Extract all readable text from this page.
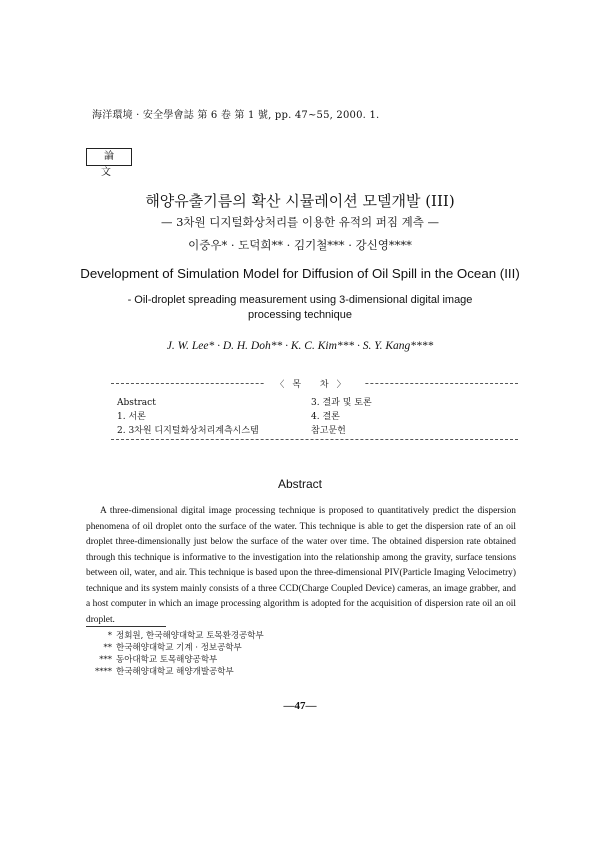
海洋環境 · 安全學會誌 第 6 卷 第 1 號, pp. 47~55, 2000. 1.
論 文
해양유출기름의 확산 시뮬레이션 모델개발 (III)
— 3차원 디지털화상처리를 이용한 유적의 퍼짐 계측 —
이중우* · 도덕희** · 김기철*** · 강신영****
Development of Simulation Model for Diffusion of Oil Spill in the Ocean (III)
- Oil-droplet spreading measurement using 3-dimensional digital image
processing technique
J. W. Lee* · D. H. Doh** · K. C. Kim*** · S. Y. Kang****
〈목 차〉
Abstract
1. 서론
2. 3차원 디지털화상처리계측시스템
3. 결과 및 토론
4. 결론
참고문헌
Abstract

A three-dimensional digital image processing technique is proposed to quantitatively predict the dispersion phenomena of oil droplet onto the surface of the water. This technique is able to get the dispersion rate of an oil droplet three-dimensionally just below the surface of the water over time. The obtained dispersion rate obtained through this technique is informative to the investigation into the relationship among the gravity, surface tensions between oil, water, and air. This technique is based upon the three-dimensional PIV(Particle Imaging Velocimetry) technique and its system mainly consists of a three CCD(Charge Coupled Device) cameras, an image grabber, and a host computer in which an image processing algorithm is adopted for the acquisition of dispersion rate oil an oil droplet.

* 정회원, 한국해양대학교 토목환경공학부
** 한국해양대학교 기계 · 정보공학부
*** 동아대학교 토목해양공학부
**** 한국해양대학교 해양개발공학부
—47—
